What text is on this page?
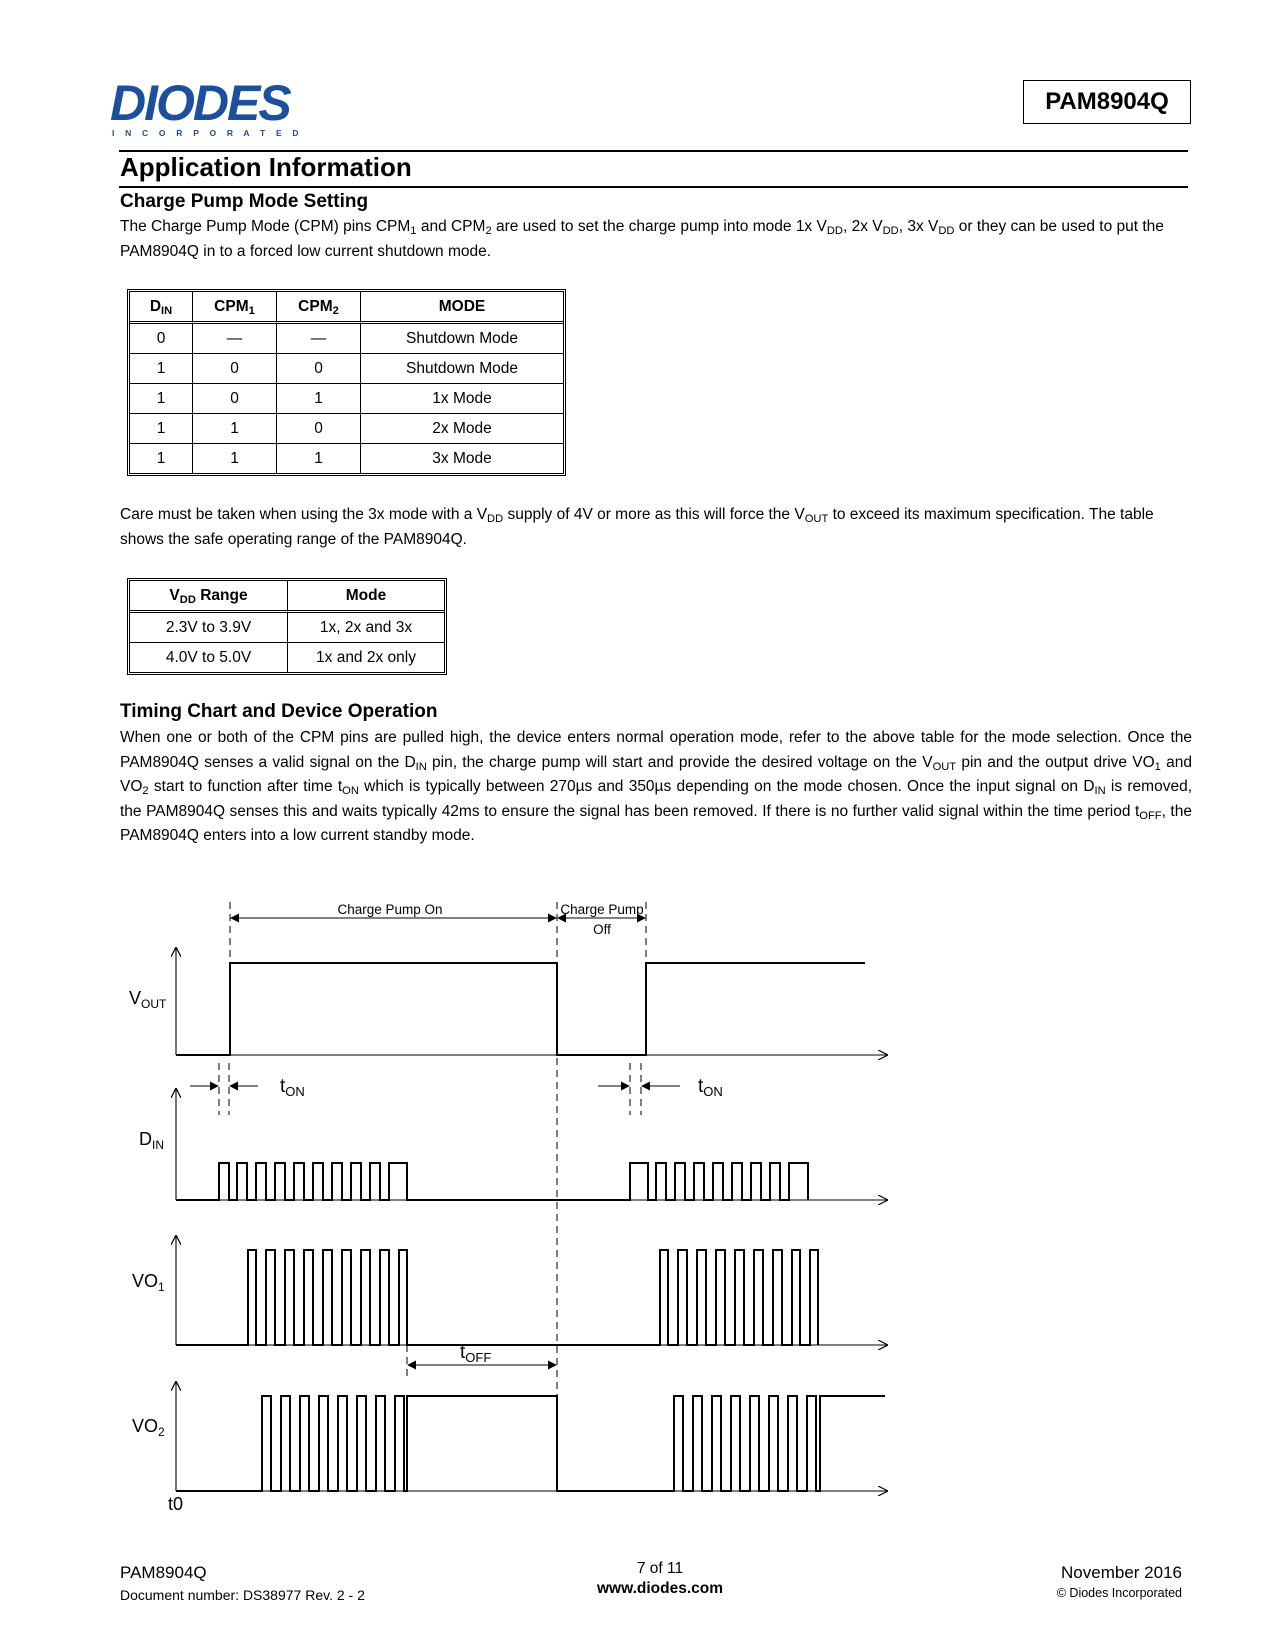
DIODES
I N C O R P O R A T E D
PAM8904Q
Application Information
Charge Pump Mode Setting
The Charge Pump Mode (CPM) pins $CPM_1$ and $CPM_2$ are used to set the charge pump into mode 1x $V_{DD}$, 2x $V_{DD}$, 3x $V_{DD}$ or they can be used to put the PAM8904Q in to a forced low current shutdown mode.
$D_{IN}$	$CPM_1$	$CPM_2$	MODE
0	—	—	Shutdown Mode
1	0	0	Shutdown Mode
1	0	1	1x Mode
1	1	0	2x Mode
1	1	1	3x Mode
Care must be taken when using the 3x mode with a $V_{DD}$ supply of 4V or more as this will force the $V_{OUT}$ to exceed its maximum specification. The table shows the safe operating range of the PAM8904Q.
$V_{DD}$ Range	Mode
2.3V to 3.9V	1x, 2x and 3x
4.0V to 5.0V	1x and 2x only
Timing Chart and Device Operation
When one or both of the CPM pins are pulled high, the device enters normal operation mode, refer to the above table for the mode selection. Once the PAM8904Q senses a valid signal on the $D_{IN}$ pin, the charge pump will start and provide the desired voltage on the $V_{OUT}$ pin and the output drive $VO_1$ and $VO_2$ start to function after time $t_{ON}$ which is typically between 270µs and 350µs depending on the mode chosen. Once the input signal on $D_{IN}$ is removed, the PAM8904Q senses this and waits typically 42ms to ensure the signal has been removed. If there is no further valid signal within the time period $t_{OFF}$, the PAM8904Q enters into a low current standby mode.
$V_{OUT}$
$D_{IN}$
$VO_1$
$VO_2$
t0
Charge Pump On	Charge Pump
Off
$t_{ON}$	$t_{ON}$
$t_{OFF}$
PAM8904Q
Document number: DS38977 Rev. 2 - 2
7 of 11
www.diodes.com
November 2016
© Diodes Incorporated
